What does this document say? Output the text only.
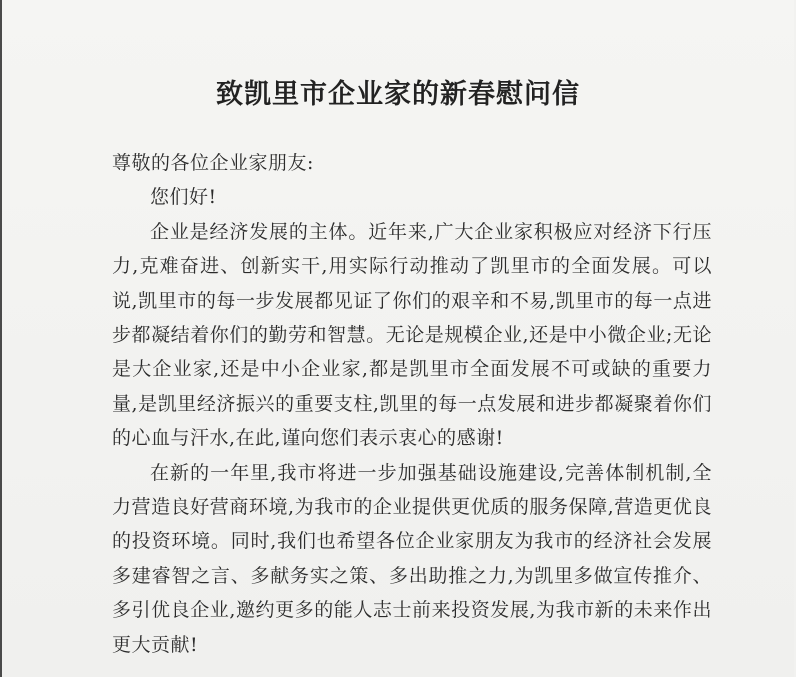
致凯里市企业家的新春慰问信

尊敬的各位企业家朋友:

您们好!

企业是经济发展的主体。近年来,广大企业家积极应对经济下行压力,克难奋进、创新实干,用实际行动推动了凯里市的全面发展。可以说,凯里市的每一步发展都见证了你们的艰辛和不易,凯里市的每一点进步都凝结着你们的勤劳和智慧。无论是规模企业,还是中小微企业;无论是大企业家,还是中小企业家,都是凯里市全面发展不可或缺的重要力量,是凯里经济振兴的重要支柱,凯里的每一点发展和进步都凝聚着你们的心血与汗水,在此,谨向您们表示衷心的感谢!

在新的一年里,我市将进一步加强基础设施建设,完善体制机制,全力营造良好营商环境,为我市的企业提供更优质的服务保障,营造更优良的投资环境。同时,我们也希望各位企业家朋友为我市的经济社会发展多建睿智之言、多献务实之策、多出助推之力,为凯里多做宣传推介、多引优良企业,邀约更多的能人志士前来投资发展,为我市新的未来作出更大贡献!
